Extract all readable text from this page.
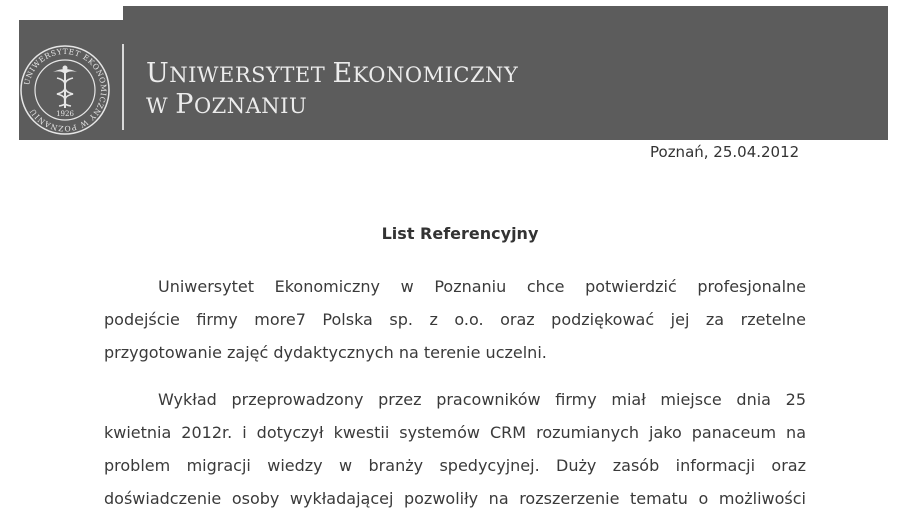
UNIWERSYTET EKONOMICZNY W POZNANIU	1926
UNIWERSYTET EKONOMICZNY
W POZNANIU
Poznań, 25.04.2012
List Referencyjny
Uniwersytet Ekonomiczny w Poznaniu chce potwierdzić profesjonalne
podejście firmy more7 Polska sp. z o.o. oraz podziękować jej za rzetelne
przygotowanie zajęć dydaktycznych na terenie uczelni.
Wykład przeprowadzony przez pracowników firmy miał miejsce dnia 25
kwietnia 2012r. i dotyczył kwestii systemów CRM rozumianych jako panaceum na
problem migracji wiedzy w branży spedycyjnej. Duży zasób informacji oraz
doświadczenie osoby wykładającej pozwoliły na rozszerzenie tematu o możliwości
